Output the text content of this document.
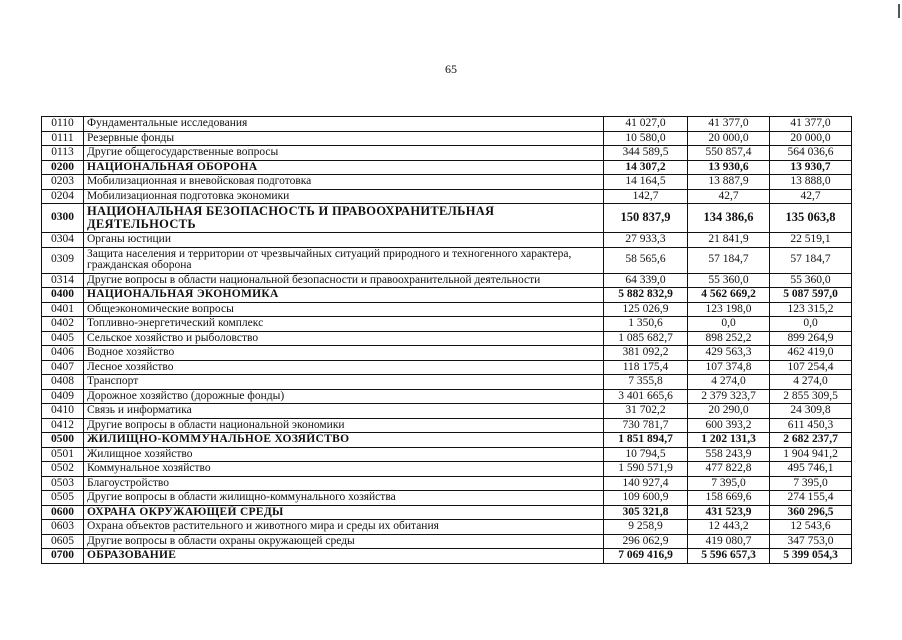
65
0110	Фундаментальные исследования	41 027,0	41 377,0	41 377,0
0111	Резервные фонды	10 580,0	20 000,0	20 000,0
0113	Другие общегосударственные вопросы	344 589,5	550 857,4	564 036,6
0200	НАЦИОНАЛЬНАЯ ОБОРОНА	14 307,2	13 930,6	13 930,7
0203	Мобилизационная и вневойсковая подготовка	14 164,5	13 887,9	13 888,0
0204	Мобилизационная подготовка экономики	142,7	42,7	42,7
0300	НАЦИОНАЛЬНАЯ БЕЗОПАСНОСТЬ И ПРАВООХРАНИТЕЛЬНАЯ ДЕЯТЕЛЬНОСТЬ	150 837,9	134 386,6	135 063,8
0304	Органы юстиции	27 933,3	21 841,9	22 519,1
0309	Защита населения и территории от чрезвычайных ситуаций природного и техногенного характера, гражданская оборона	58 565,6	57 184,7	57 184,7
0314	Другие вопросы в области национальной безопасности и правоохранительной деятельности	64 339,0	55 360,0	55 360,0
0400	НАЦИОНАЛЬНАЯ ЭКОНОМИКА	5 882 832,9	4 562 669,2	5 087 597,0
0401	Общеэкономические вопросы	125 026,9	123 198,0	123 315,2
0402	Топливно-энергетический комплекс	1 350,6	0,0	0,0
0405	Сельское хозяйство и рыболовство	1 085 682,7	898 252,2	899 264,9
0406	Водное хозяйство	381 092,2	429 563,3	462 419,0
0407	Лесное хозяйство	118 175,4	107 374,8	107 254,4
0408	Транспорт	7 355,8	4 274,0	4 274,0
0409	Дорожное хозяйство (дорожные фонды)	3 401 665,6	2 379 323,7	2 855 309,5
0410	Связь и информатика	31 702,2	20 290,0	24 309,8
0412	Другие вопросы в области национальной экономики	730 781,7	600 393,2	611 450,3
0500	ЖИЛИЩНО-КОММУНАЛЬНОЕ ХОЗЯЙСТВО	1 851 894,7	1 202 131,3	2 682 237,7
0501	Жилищное хозяйство	10 794,5	558 243,9	1 904 941,2
0502	Коммунальное хозяйство	1 590 571,9	477 822,8	495 746,1
0503	Благоустройство	140 927,4	7 395,0	7 395,0
0505	Другие вопросы в области жилищно-коммунального хозяйства	109 600,9	158 669,6	274 155,4
0600	ОХРАНА ОКРУЖАЮЩЕЙ СРЕДЫ	305 321,8	431 523,9	360 296,5
0603	Охрана объектов растительного и животного мира и среды их обитания	9 258,9	12 443,2	12 543,6
0605	Другие вопросы в области охраны окружающей среды	296 062,9	419 080,7	347 753,0
0700	ОБРАЗОВАНИЕ	7 069 416,9	5 596 657,3	5 399 054,3
